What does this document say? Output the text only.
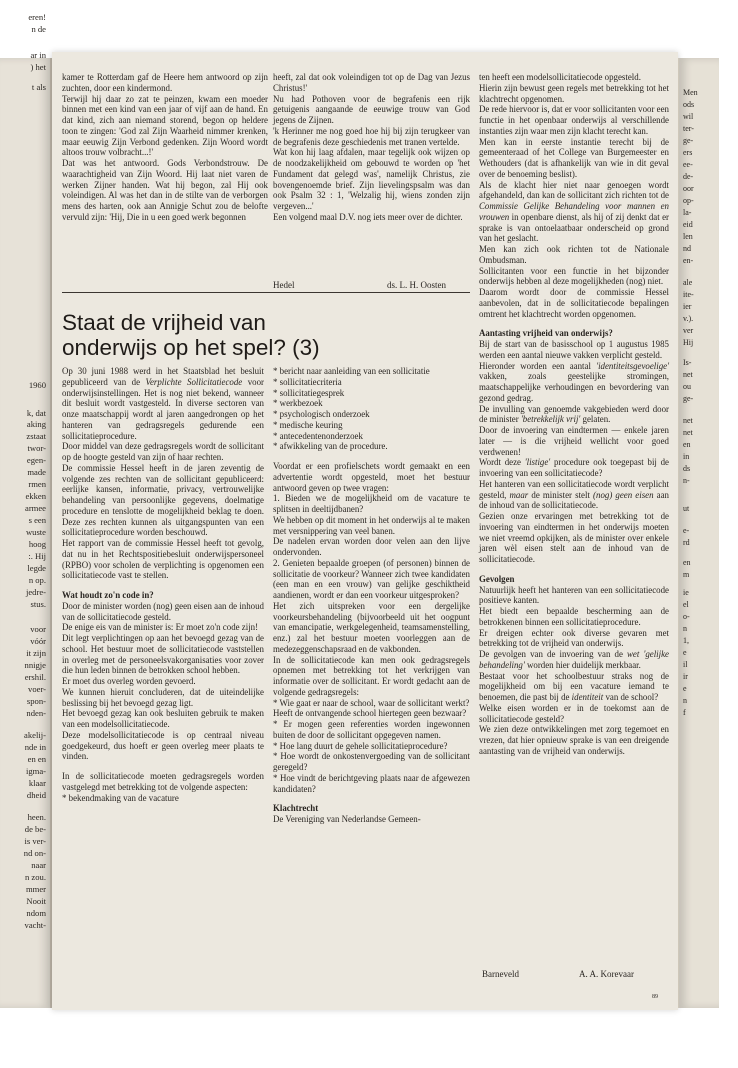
eren!
n de
ar in
) het
t als
1960
k, dat
aking
zstaat
twor-
egen-
made
rmen
ekken
armee
s een
wuste
hoog
:. Hij
legde
n op.
jedre-
stus.
voor
vóór
it zijn
nnigje
ershil.
voer-
spon-
nden-
akelij-
nde in
en en
igma-
klaar
dheid
heen.
de be-
is ver-
nd on-
naar
n zou.
mmer
Nooit
ndom
vacht-

kamer te Rotterdam gaf de Heere hem antwoord op zijn zuchten, door een kindermond.

Terwijl hij daar zo zat te peinzen, kwam een moeder binnen met een kind van een jaar of vijf aan de hand. En dat kind, zich aan niemand storend, begon op heldere toon te zingen: 'God zal Zijn Waarheid nimmer krenken, maar eeuwig Zijn Verbond gedenken. Zijn Woord wordt altoos trouw volbracht...!'

Dat was het antwoord. Gods Verbondstrouw. De waarachtigheid van Zijn Woord. Hij laat niet varen de werken Zijner handen. Wat hij begon, zal Hij ook voleindigen. Al was het dan in de stilte van de verborgen mens des harten, ook aan Annigje Schut zou de belofte vervuld zijn: 'Hij, Die in u een goed werk begonnen

heeft, zal dat ook voleindigen tot op de Dag van Jezus Christus!'

Nu had Pothoven voor de begrafenis een rijk getuigenis aangaande de eeuwige trouw van God jegens de Zijnen.

'k Herinner me nog goed hoe hij bij zijn terugkeer van de begrafenis deze geschiedenis met tranen vertelde.

Wat kon hij laag afdalen, maar tegelijk ook wijzen op de noodzakelijkheid om gebouwd te worden op 'het Fundament dat gelegd was', namelijk Christus, zie bovengenoemde brief. Zijn lievelingspsalm was dan ook Psalm 32 : 1, 'Welzalig hij, wiens zonden zijn vergeven...'

Een volgend maal D.V. nog iets meer over de dichter.

Hedel	ds. L. H. Oosten
Staat de vrijheid van onderwijs op het spel? (3)

Op 30 juni 1988 werd in het Staatsblad het besluit gepubliceerd van de Verplichte Sollicitatiecode voor onderwijsinstellingen. Het is nog niet bekend, wanneer dit besluit wordt vastgesteld. In diverse sectoren van onze maatschappij wordt al jaren aangedrongen op het hanteren van gedragsregels gedurende een sollicitatieprocedure.

Door middel van deze gedragsregels wordt de sollicitant op de hoogte gesteld van zijn of haar rechten.

De commissie Hessel heeft in de jaren zeventig de volgende zes rechten van de sollicitant gepubliceerd: eerlijke kansen, informatie, privacy, vertrouwelijke behandeling van persoonlijke gegevens, doelmatige procedure en tenslotte de mogelijkheid beklag te doen. Deze zes rechten kunnen als uitgangspunten van een sollicitatieprocedure worden beschouwd.

Het rapport van de commissie Hessel heeft tot gevolg, dat nu in het Rechtspositiebesluit onderwijspersoneel (RPBO) voor scholen de verplichting is opgenomen een sollicitatiecode vast te stellen.

Wat houdt zo'n code in?

Door de minister worden (nog) geen eisen aan de inhoud van de sollicitatiecode gesteld.

De enige eis van de minister is: Er moet zo'n code zijn!

Dit legt verplichtingen op aan het bevoegd gezag van de school. Het bestuur moet de sollicitatiecode vaststellen in overleg met de personeelsvakorganisaties voor zover die hun leden binnen de betrokken school hebben.

Er moet dus overleg worden gevoerd.

We kunnen hieruit concluderen, dat de uiteindelijke beslissing bij het bevoegd gezag ligt.

Het bevoegd gezag kan ook besluiten gebruik te maken van een modelsollicitatiecode.

Deze modelsollicitatiecode is op centraal niveau goedgekeurd, dus hoeft er geen overleg meer plaats te vinden.

In de sollicitatiecode moeten gedragsregels worden vastgelegd met betrekking tot de volgende aspecten:

* bekendmaking van de vacature

* bericht naar aanleiding van een sollicitatie

* sollicitatiecriteria

* sollicitatiegesprek

* werkbezoek

* psychologisch onderzoek

* medische keuring

* antecedentenonderzoek

* afwikkeling van de procedure.

Voordat er een profielschets wordt gemaakt en een advertentie wordt opgesteld, moet het bestuur antwoord geven op twee vragen:

1. Bieden we de mogelijkheid om de vacature te splitsen in deeltijdbanen?

We hebben op dit moment in het onderwijs al te maken met versnippering van veel banen.

De nadelen ervan worden door velen aan den lijve ondervonden.

2. Genieten bepaalde groepen (of personen) binnen de sollicitatie de voorkeur? Wanneer zich twee kandidaten (een man en een vrouw) van gelijke geschiktheid aandienen, wordt er dan een voorkeur uitgesproken?

Het zich uitspreken voor een dergelijke voorkeursbehandeling (bijvoorbeeld uit het oogpunt van emancipatie, werkgelegenheid, teamsamenstelling, enz.) zal het bestuur moeten voorleggen aan de medezeggenschapsraad en de vakbonden.

In de sollicitatiecode kan men ook gedragsregels opnemen met betrekking tot het verkrijgen van informatie over de sollicitant. Er wordt gedacht aan de volgende gedragsregels:

* Wie gaat er naar de school, waar de sollicitant werkt?

Heeft de ontvangende school hiertegen geen bezwaar?

* Er mogen geen referenties worden ingewonnen buiten de door de sollicitant opgegeven namen.

* Hoe lang duurt de gehele sollicitatieprocedure?

* Hoe wordt de onkostenvergoeding van de sollicitant geregeld?

* Hoe vindt de berichtgeving plaats naar de afgewezen kandidaten?

Klachtrecht

De Vereniging van Nederlandse Gemeen-

ten heeft een modelsollicitatiecode opgesteld.

Hierin zijn bewust geen regels met betrekking tot het klachtrecht opgenomen.

De rede hiervoor is, dat er voor sollicitanten voor een functie in het openbaar onderwijs al verschillende instanties zijn waar men zijn klacht terecht kan.

Men kan in eerste instantie terecht bij de gemeenteraad of het College van Burgemeester en Wethouders (dat is afhankelijk van wie in dit geval over de benoeming beslist).

Als de klacht hier niet naar genoegen wordt afgehandeld, dan kan de sollicitant zich richten tot de Commissie Gelijke Behandeling voor mannen en vrouwen in openbare dienst, als hij of zij denkt dat er sprake is van ontoelaatbaar onderscheid op grond van het geslacht.

Men kan zich ook richten tot de Nationale Ombudsman.

Sollicitanten voor een functie in het bijzonder onderwijs hebben al deze mogelijkheden (nog) niet.

Daarom wordt door de commissie Hessel aanbevolen, dat in de sollicitatiecode bepalingen omtrent het klachtrecht worden opgenomen.

Aantasting vrijheid van onderwijs?

Bij de start van de basisschool op 1 augustus 1985 werden een aantal nieuwe vakken verplicht gesteld.

Hieronder worden een aantal 'identiteitsgevoelige' vakken, zoals geestelijke stromingen, maatschappelijke verhoudingen en bevordering van gezond gedrag.

De invulling van genoemde vakgebieden werd door de minister 'betrekkelijk vrij' gelaten.

Door de invoering van eindtermen — enkele jaren later — is die vrijheid wellicht voor goed verdwenen!

Wordt deze 'listige' procedure ook toegepast bij de invoering van een sollicitatiecode?

Het hanteren van een sollicitatiecode wordt verplicht gesteld, maar de minister stelt (nog) geen eisen aan de inhoud van de sollicitatiecode.

Gezien onze ervaringen met betrekking tot de invoering van eindtermen in het onderwijs moeten we niet vreemd opkijken, als de minister over enkele jaren wèl eisen stelt aan de inhoud van de sollicitatiecode.

Gevolgen

Natuurlijk heeft het hanteren van een sollicitatiecode positieve kanten.

Het biedt een bepaalde bescherming aan de betrokkenen binnen een sollicitatieprocedure.

Er dreigen echter ook diverse gevaren met betrekking tot de vrijheid van onderwijs.

De gevolgen van de invoering van de wet 'gelijke behandeling' worden hier duidelijk merkbaar.

Bestaat voor het schoolbestuur straks nog de mogelijkheid om bij een vacature iemand te benoemen, die past bij de identiteit van de school?

Welke eisen worden er in de toekomst aan de sollicitatiecode gesteld?

We zien deze ontwikkelingen met zorg tegemoet en vrezen, dat hier opnieuw sprake is van een dreigende aantasting van de vrijheid van onderwijs.

Barneveld	A. A. Korevaar
89
Men
ods
wil
ter-
ge-
ers
ee-
de-
oor
op-
la-
eid
len
nd
en-
ale
ite-
ier
v.).
ver
Hij
Is-
net
ou
ge-
net
net
en
in
ds
n-
ut
e-
rd
en
m
ie
el
o-
n
1,
e
il
ir
e
n
f
